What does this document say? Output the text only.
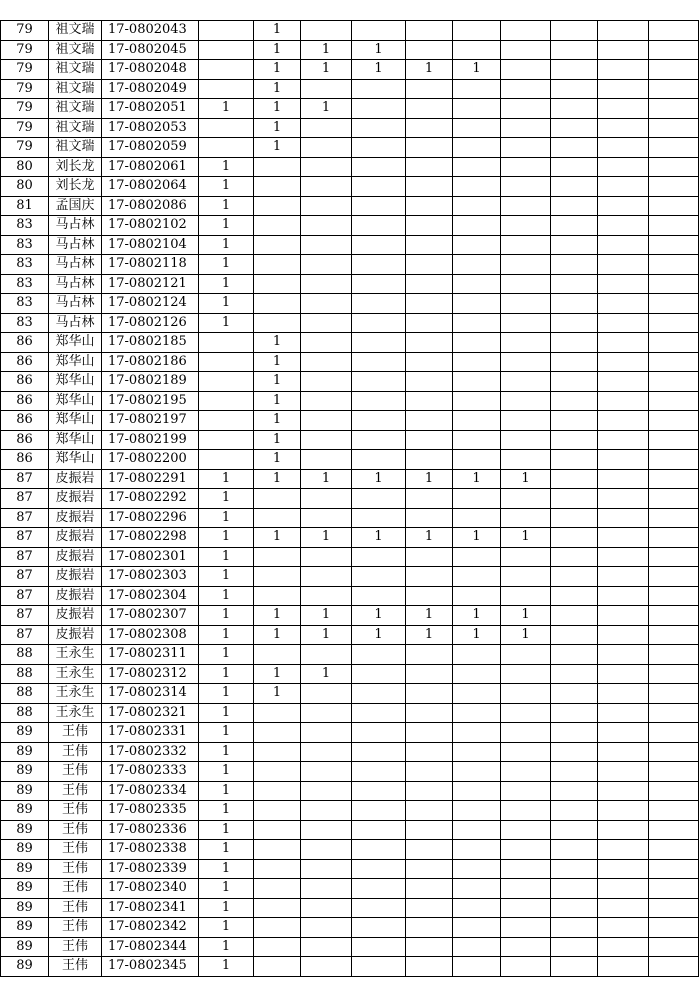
79	祖文瑞	17-0802043		1								
79	祖文瑞	17-0802045		1	1	1						
79	祖文瑞	17-0802048		1	1	1	1	1				
79	祖文瑞	17-0802049		1								
79	祖文瑞	17-0802051	1	1	1							
79	祖文瑞	17-0802053		1								
79	祖文瑞	17-0802059		1								
80	刘长龙	17-0802061	1									
80	刘长龙	17-0802064	1									
81	孟国庆	17-0802086	1									
83	马占林	17-0802102	1									
83	马占林	17-0802104	1									
83	马占林	17-0802118	1									
83	马占林	17-0802121	1									
83	马占林	17-0802124	1									
83	马占林	17-0802126	1									
86	郑华山	17-0802185		1								
86	郑华山	17-0802186		1								
86	郑华山	17-0802189		1								
86	郑华山	17-0802195		1								
86	郑华山	17-0802197		1								
86	郑华山	17-0802199		1								
86	郑华山	17-0802200		1								
87	皮振岩	17-0802291	1	1	1	1	1	1	1			
87	皮振岩	17-0802292	1									
87	皮振岩	17-0802296	1									
87	皮振岩	17-0802298	1	1	1	1	1	1	1			
87	皮振岩	17-0802301	1									
87	皮振岩	17-0802303	1									
87	皮振岩	17-0802304	1									
87	皮振岩	17-0802307	1	1	1	1	1	1	1			
87	皮振岩	17-0802308	1	1	1	1	1	1	1			
88	王永生	17-0802311	1									
88	王永生	17-0802312	1	1	1							
88	王永生	17-0802314	1	1								
88	王永生	17-0802321	1									
89	王伟	17-0802331	1									
89	王伟	17-0802332	1									
89	王伟	17-0802333	1									
89	王伟	17-0802334	1									
89	王伟	17-0802335	1									
89	王伟	17-0802336	1									
89	王伟	17-0802338	1									
89	王伟	17-0802339	1									
89	王伟	17-0802340	1									
89	王伟	17-0802341	1									
89	王伟	17-0802342	1									
89	王伟	17-0802344	1									
89	王伟	17-0802345	1									
